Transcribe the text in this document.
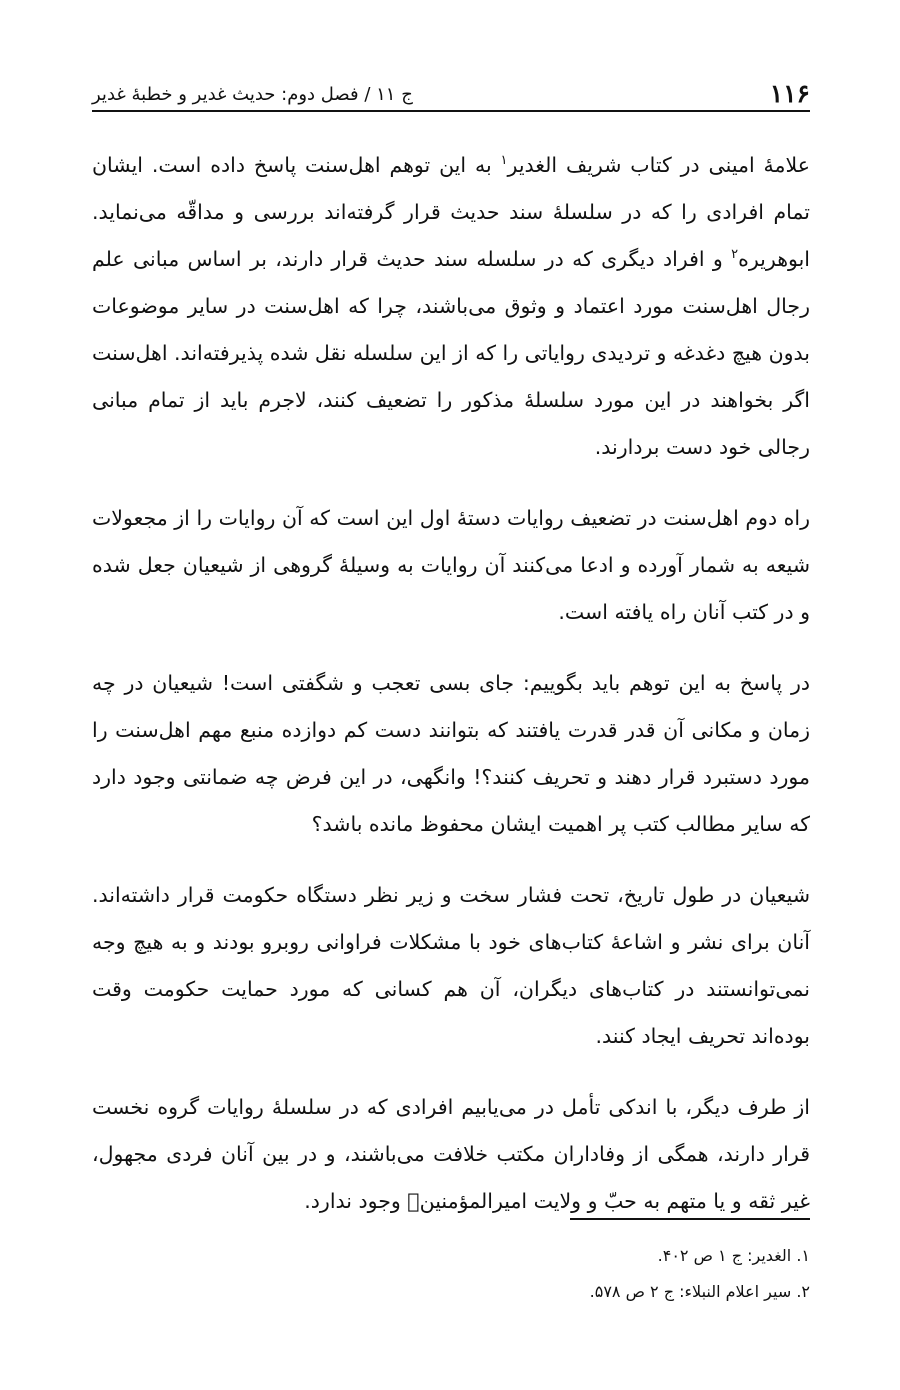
۱۱۶
ج ۱۱ / فصل دوم: حدیث غدیر و خطبهٔ غدیر

علامهٔ امینی در کتاب شریف الغدیر$^۱$ به این توهم اهل‌سنت پاسخ داده است. ایشان تمام افرادی را که در سلسلهٔ سند حدیث قرار گرفته‌اند بررسی و مداقّه می‌نماید. ابوهریره$^۲$ و افراد دیگری که در سلسله سند حدیث قرار دارند، بر اساس مبانی علم رجال اهل‌سنت مورد اعتماد و وثوق می‌باشند، چرا که اهل‌سنت در سایر موضوعات بدون هیچ دغدغه و تردیدی روایاتی را که از این سلسله نقل شده پذیرفته‌اند. اهل‌سنت اگر بخواهند در این مورد سلسلهٔ مذکور را تضعیف کنند، لاجرم باید از تمام مبانی رجالی خود دست بردارند.

راه دوم اهل‌سنت در تضعیف روایات دستهٔ اول این است که آن روایات را از مجعولات شیعه به شمار آورده و ادعا می‌کنند آن روایات به وسیلهٔ گروهی از شیعیان جعل شده و در کتب آنان راه یافته است.

در پاسخ به این توهم باید بگوییم: جای بسی تعجب و شگفتی است! شیعیان در چه زمان و مکانی آن قدر قدرت یافتند که بتوانند دست کم دوازده منبع مهم اهل‌سنت را مورد دستبرد قرار دهند و تحریف کنند؟! وانگهی، در این فرض چه ضمانتی وجود دارد که سایر مطالب کتب پر اهمیت ایشان محفوظ مانده باشد؟

شیعیان در طول تاریخ، تحت فشار سخت و زیر نظر دستگاه حکومت قرار داشته‌اند. آنان برای نشر و اشاعهٔ کتاب‌های خود با مشکلات فراوانی روبرو بودند و به هیچ وجه نمی‌توانستند در کتاب‌های دیگران، آن هم کسانی که مورد حمایت حکومت وقت بوده‌اند تحریف ایجاد کنند.

از طرف دیگر، با اندکی تأمل در می‌یابیم افرادی که در سلسلهٔ روایات گروه نخست قرار دارند، همگی از وفاداران مکتب خلافت می‌باشند، و در بین آنان فردی مجهول، غیر ثقه و یا متهم به حبّ و ولایت امیرالمؤمنین﷣ وجود ندارد.

۱. الغدیر: ج ۱ ص ۴۰۲.
۲. سیر اعلام النبلاء: ج ۲ ص ۵۷۸.
